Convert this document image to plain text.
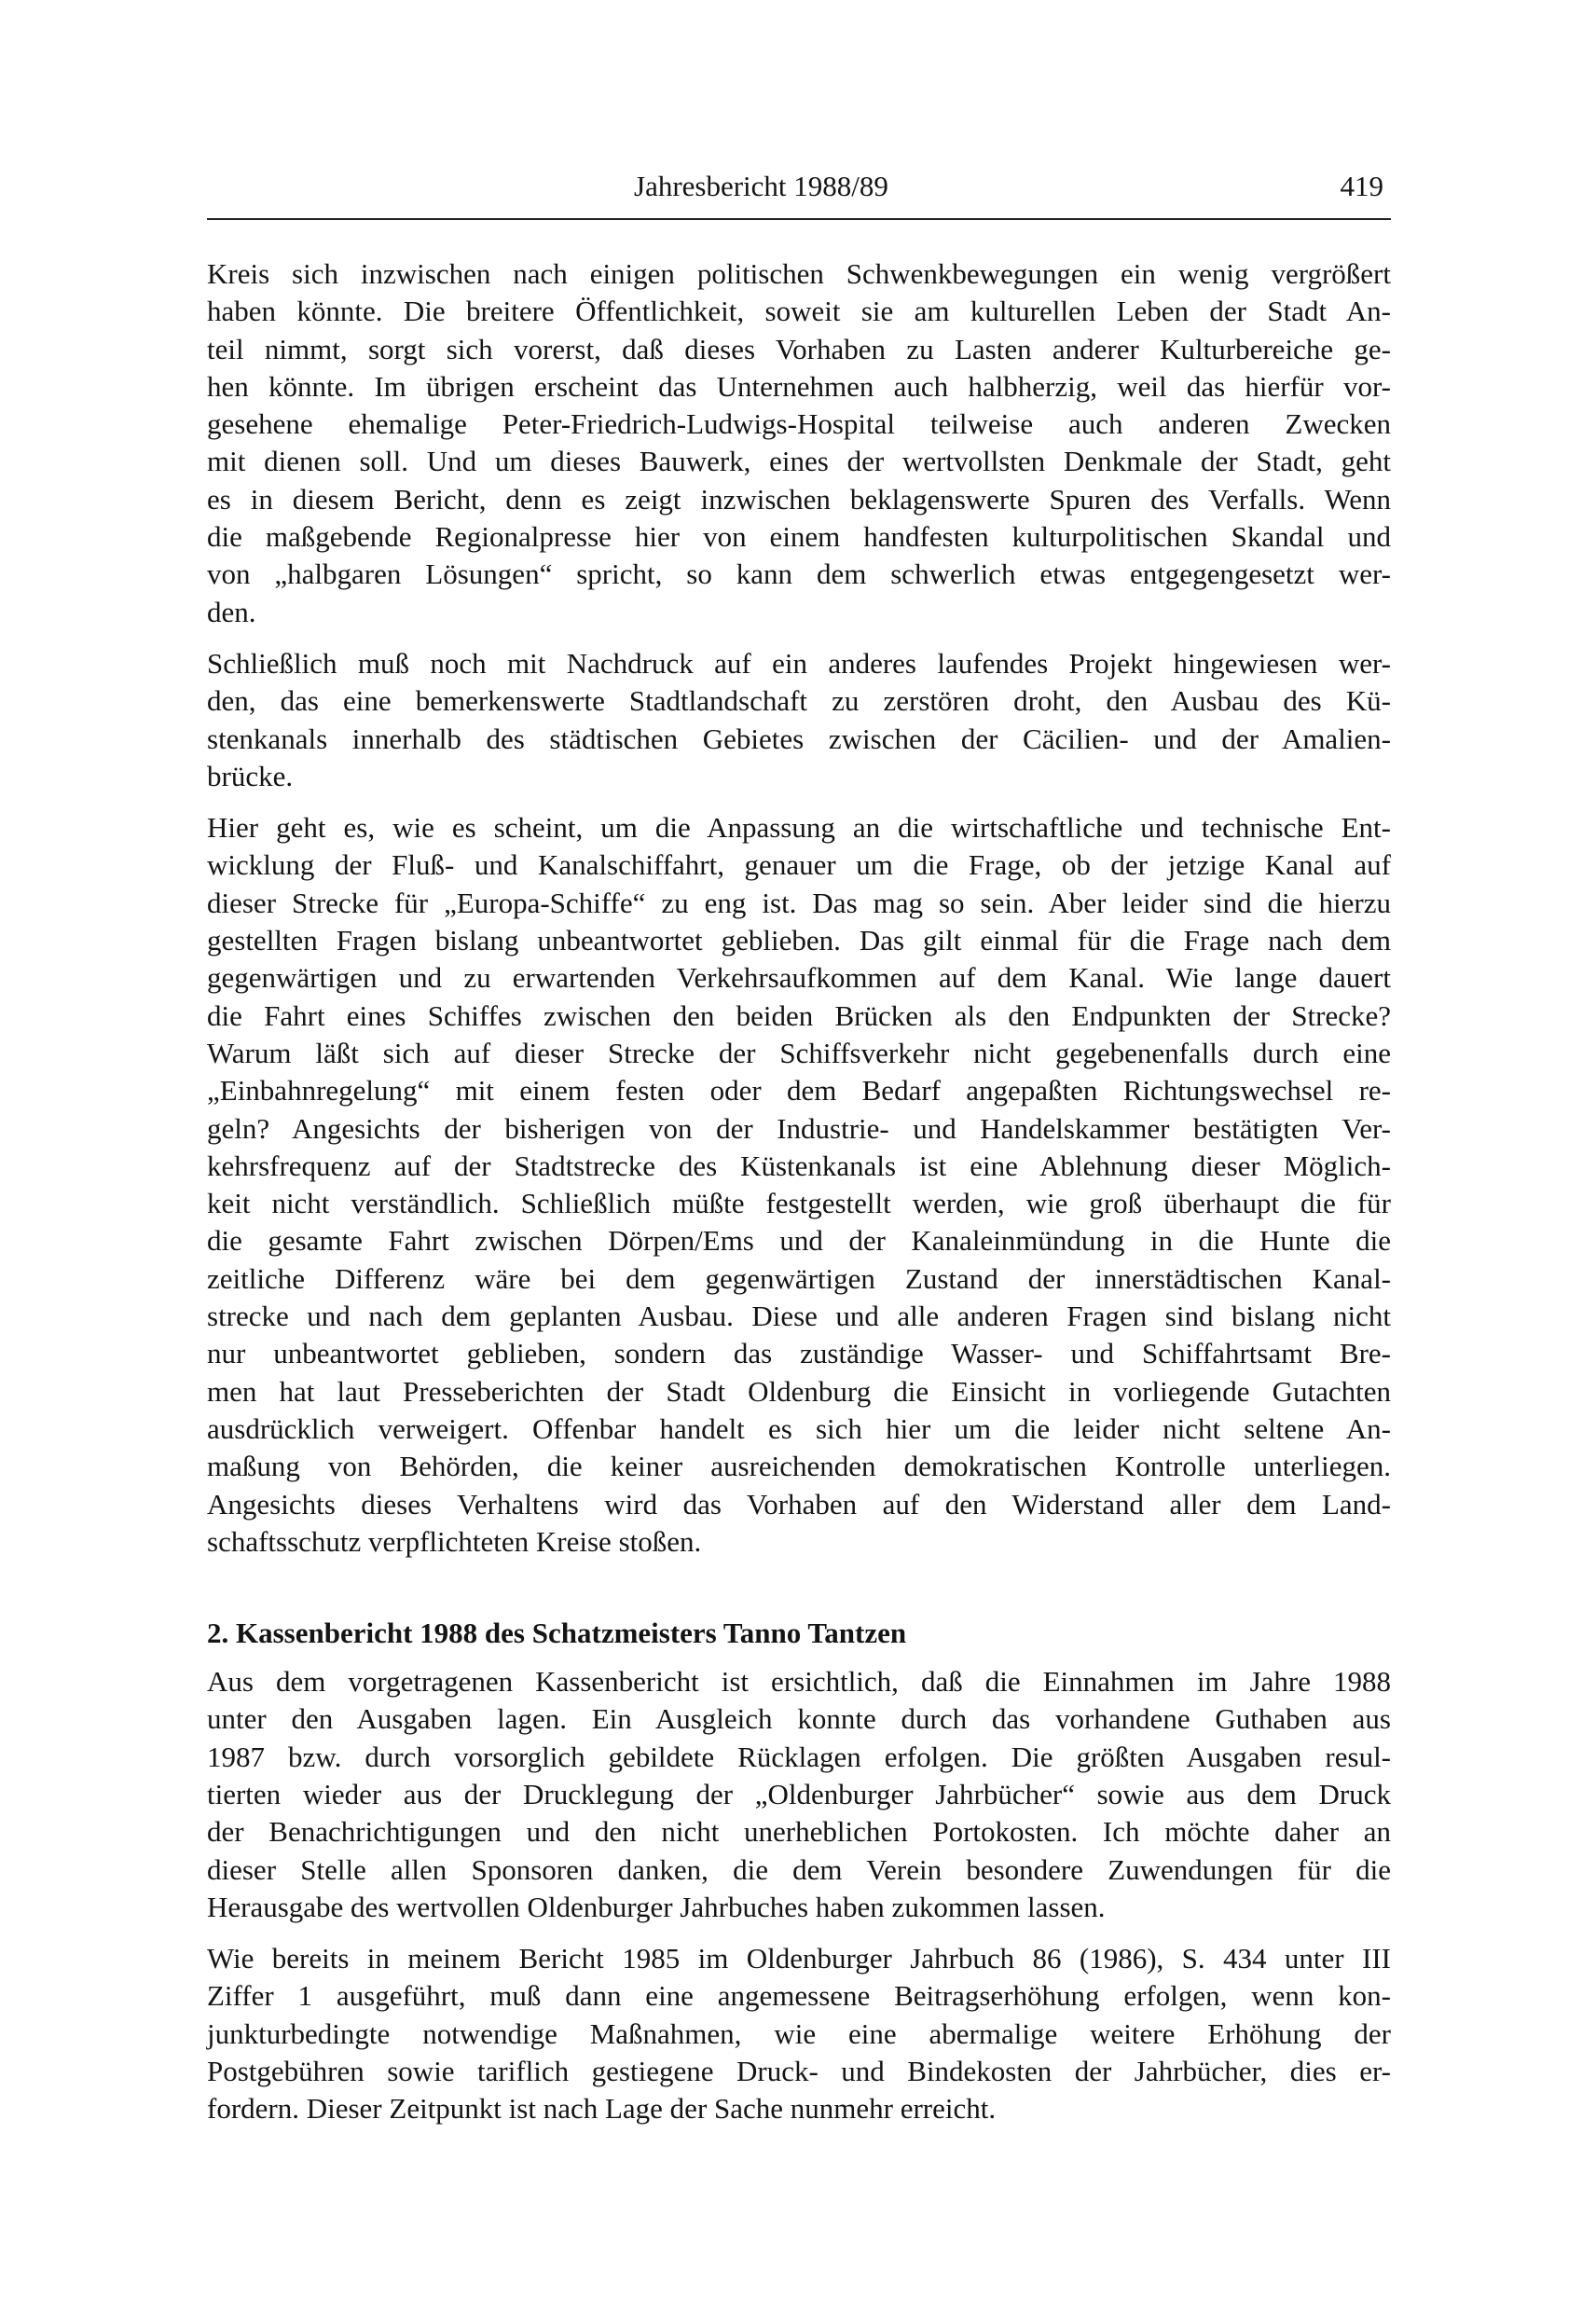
Jahresbericht 1988/89	419

Kreis sich inzwischen nach einigen politischen Schwenkbewegungen ein wenig vergrößert
haben könnte. Die breitere Öffentlichkeit, soweit sie am kulturellen Leben der Stadt An-
teil nimmt, sorgt sich vorerst, daß dieses Vorhaben zu Lasten anderer Kulturbereiche ge-
hen könnte. Im übrigen erscheint das Unternehmen auch halbherzig, weil das hierfür vor-
gesehene ehemalige Peter-Friedrich-Ludwigs-Hospital teilweise auch anderen Zwecken
mit dienen soll. Und um dieses Bauwerk, eines der wertvollsten Denkmale der Stadt, geht
es in diesem Bericht, denn es zeigt inzwischen beklagenswerte Spuren des Verfalls. Wenn
die maßgebende Regionalpresse hier von einem handfesten kulturpolitischen Skandal und
von „halbgaren Lösungen“ spricht, so kann dem schwerlich etwas entgegengesetzt wer-
den.

Schließlich muß noch mit Nachdruck auf ein anderes laufendes Projekt hingewiesen wer-
den, das eine bemerkenswerte Stadtlandschaft zu zerstören droht, den Ausbau des Kü-
stenkanals innerhalb des städtischen Gebietes zwischen der Cäcilien- und der Amalien-
brücke.

Hier geht es, wie es scheint, um die Anpassung an die wirtschaftliche und technische Ent-
wicklung der Fluß- und Kanalschiffahrt, genauer um die Frage, ob der jetzige Kanal auf
dieser Strecke für „Europa-Schiffe“ zu eng ist. Das mag so sein. Aber leider sind die hierzu
gestellten Fragen bislang unbeantwortet geblieben. Das gilt einmal für die Frage nach dem
gegenwärtigen und zu erwartenden Verkehrsaufkommen auf dem Kanal. Wie lange dauert
die Fahrt eines Schiffes zwischen den beiden Brücken als den Endpunkten der Strecke?
Warum läßt sich auf dieser Strecke der Schiffsverkehr nicht gegebenenfalls durch eine
„Einbahnregelung“ mit einem festen oder dem Bedarf angepaßten Richtungswechsel re-
geln? Angesichts der bisherigen von der Industrie- und Handelskammer bestätigten Ver-
kehrsfrequenz auf der Stadtstrecke des Küstenkanals ist eine Ablehnung dieser Möglich-
keit nicht verständlich. Schließlich müßte festgestellt werden, wie groß überhaupt die für
die gesamte Fahrt zwischen Dörpen/Ems und der Kanaleinmündung in die Hunte die
zeitliche Differenz wäre bei dem gegenwärtigen Zustand der innerstädtischen Kanal-
strecke und nach dem geplanten Ausbau. Diese und alle anderen Fragen sind bislang nicht
nur unbeantwortet geblieben, sondern das zuständige Wasser- und Schiffahrtsamt Bre-
men hat laut Presseberichten der Stadt Oldenburg die Einsicht in vorliegende Gutachten
ausdrücklich verweigert. Offenbar handelt es sich hier um die leider nicht seltene An-
maßung von Behörden, die keiner ausreichenden demokratischen Kontrolle unterliegen.
Angesichts dieses Verhaltens wird das Vorhaben auf den Widerstand aller dem Land-
schaftsschutz verpflichteten Kreise stoßen.

2. Kassenbericht 1988 des Schatzmeisters Tanno Tantzen

Aus dem vorgetragenen Kassenbericht ist ersichtlich, daß die Einnahmen im Jahre 1988
unter den Ausgaben lagen. Ein Ausgleich konnte durch das vorhandene Guthaben aus
1987 bzw. durch vorsorglich gebildete Rücklagen erfolgen. Die größten Ausgaben resul-
tierten wieder aus der Drucklegung der „Oldenburger Jahrbücher“ sowie aus dem Druck
der Benachrichtigungen und den nicht unerheblichen Portokosten. Ich möchte daher an
dieser Stelle allen Sponsoren danken, die dem Verein besondere Zuwendungen für die
Herausgabe des wertvollen Oldenburger Jahrbuches haben zukommen lassen.

Wie bereits in meinem Bericht 1985 im Oldenburger Jahrbuch 86 (1986), S. 434 unter III
Ziffer 1 ausgeführt, muß dann eine angemessene Beitragserhöhung erfolgen, wenn kon-
junkturbedingte notwendige Maßnahmen, wie eine abermalige weitere Erhöhung der
Postgebühren sowie tariflich gestiegene Druck- und Bindekosten der Jahrbücher, dies er-
fordern. Dieser Zeitpunkt ist nach Lage der Sache nunmehr erreicht.
